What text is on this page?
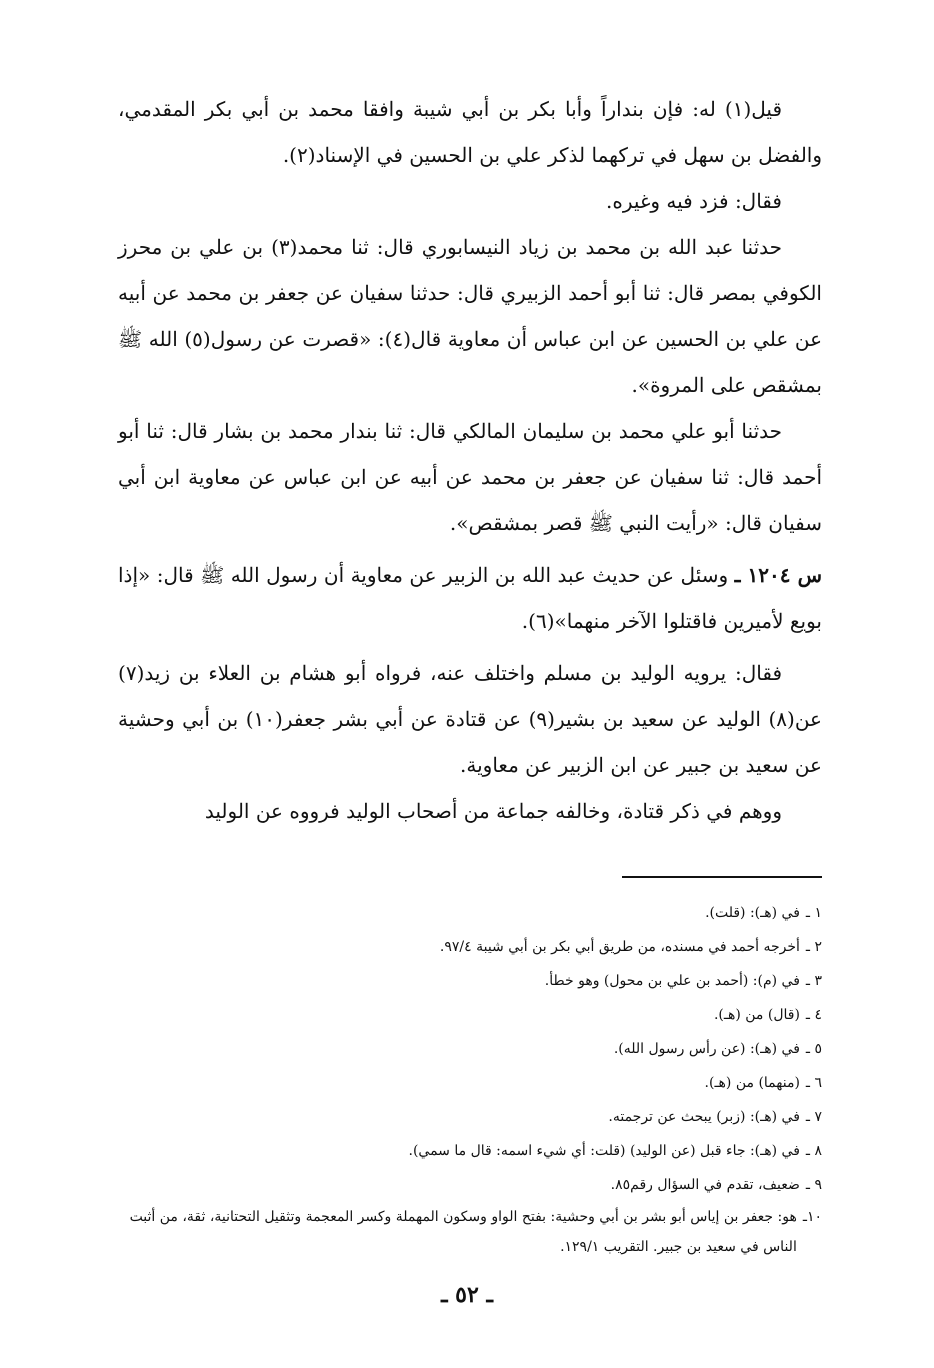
قيل(١) له: فإن بنداراً وأبا بكر بن أبي شيبة وافقا محمد بن أبي بكر المقدمي، والفضل بن سهل في تركهما لذكر علي بن الحسين في الإسناد(٢).

فقال: فزد فيه وغيره.

حدثنا عبد الله بن محمد بن زياد النيسابوري قال: ثنا محمد(٣) بن علي بن محرز الكوفي بمصر قال: ثنا أبو أحمد الزبيري قال: حدثنا سفيان عن جعفر بن محمد عن أبيه عن علي بن الحسين عن ابن عباس أن معاوية قال(٤): «قصرت عن رسول(٥) الله ﷺ بمشقص على المروة».

حدثنا أبو علي محمد بن سليمان المالكي قال: ثنا بندار محمد بن بشار قال: ثنا أبو أحمد قال: ثنا سفيان عن جعفر بن محمد عن أبيه عن ابن عباس عن معاوية ابن أبي سفيان قال: «رأيت النبي ﷺ قصر بمشقص».

س ١٢٠٤ ـ وسئل عن حديث عبد الله بن الزبير عن معاوية أن رسول الله ﷺ قال: «إذا بويع لأميرين فاقتلوا الآخر منهما»(٦).

فقال: يرويه الوليد بن مسلم واختلف عنه، فرواه أبو هشام بن العلاء بن زيد(٧) عن(٨) الوليد عن سعيد بن بشير(٩) عن قتادة عن أبي بشر جعفر(١٠) بن أبي وحشية عن سعيد بن جبير عن ابن الزبير عن معاوية.

ووهم في ذكر قتادة، وخالفه جماعة من أصحاب الوليد فرووه عن الوليد

١ ـ
في (هـ): (قلت).
٢ ـ
أخرجه أحمد في مسنده، من طريق أبي بكر بن أبي شيبة ٩٧/٤.
٣ ـ
في (م): (أحمد بن علي بن محول) وهو خطأ.
٤ ـ
(قال) من (هـ).
٥ ـ
في (هـ): (عن رأس رسول الله).
٦ ـ
(منهما) من (هـ).
٧ ـ
في (هـ): (زبر) يبحث عن ترجمته.
٨ ـ
في (هـ): جاء قبل (عن الوليد) (قلت: أي شيء اسمه: قال ما سمي).
٩ ـ
ضعيف، تقدم في السؤال رقم٨٥.
١٠ـ
هو: جعفر بن إياس أبو بشر بن أبي وحشية: بفتح الواو وسكون المهملة وكسر المعجمة وتثقيل التحتانية، ثقة، من أثبت الناس في سعيد بن جبير. التقريب ١٢٩/١.
ـ ٥٢ ـ
